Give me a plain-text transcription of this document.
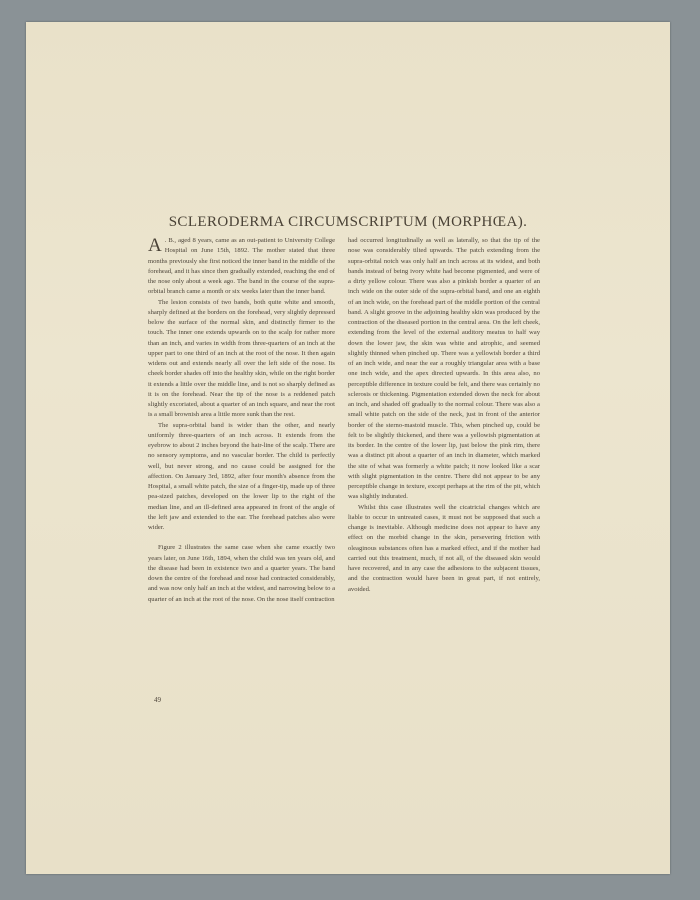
SCLERODERMA CIRCUMSCRIPTUM (MORPHŒA).

A . B., aged 8 years, came as an out-patient to University College Hospital on June 15th, 1892. The mother stated that three months previously she first noticed the inner band in the middle of the forehead, and it has since then gradually extended, reaching the end of the nose only about a week ago. The band in the course of the supra-orbital branch came a month or six weeks later than the inner band.

The lesion consists of two bands, both quite white and smooth, sharply defined at the borders on the forehead, very slightly depressed below the surface of the normal skin, and distinctly firmer to the touch. The inner one extends upwards on to the scalp for rather more than an inch, and varies in width from three-quarters of an inch at the upper part to one third of an inch at the root of the nose. It then again widens out and extends nearly all over the left side of the nose. Its cheek border shades off into the healthy skin, while on the right border it extends a little over the middle line, and is not so sharply defined as it is on the forehead. Near the tip of the nose is a reddened patch slightly excoriated, about a quarter of an inch square, and near the root is a small brownish area a little more sunk than the rest.

The supra-orbital band is wider than the other, and nearly uniformly three-quarters of an inch across. It extends from the eyebrow to about 2 inches beyond the hair-line of the scalp. There are no sensory symptoms, and no vascular border. The child is perfectly well, but never strong, and no cause could be assigned for the affection. On January 3rd, 1892, after four month's absence from the Hospital, a small white patch, the size of a finger-tip, made up of three pea-sized patches, developed on the lower lip to the right of the median line, and an ill-defined area appeared in front of the angle of the left jaw and extended to the ear. The forehead patches also were wider.

Figure 2 illustrates the same case when she came exactly two years later, on June 16th, 1894, when the child was ten years old, and the disease had been in existence two and a quarter years. The band down the centre of the forehead and nose had contracted considerably, and was now only half an inch at the widest, and narrowing below to a quarter of an inch at the root of the nose. On the nose itself contraction

49

had occurred longitudinally as well as laterally, so that the tip of the nose was considerably tilted upwards. The patch extending from the supra-orbital notch was only half an inch across at its widest, and both bands instead of being ivory white had become pigmented, and were of a dirty yellow colour. There was also a pinkish border a quarter of an inch wide on the outer side of the supra-orbital band, and one an eighth of an inch wide, on the forehead part of the middle portion of the central band. A slight groove in the adjoining healthy skin was produced by the contraction of the diseased portion in the central area. On the left cheek, extending from the level of the external auditory meatus to half way down the lower jaw, the skin was white and atrophic, and seemed slightly thinned when pinched up. There was a yellowish border a third of an inch wide, and near the ear a roughly triangular area with a base one inch wide, and the apex directed upwards. In this area also, no perceptible difference in texture could be felt, and there was certainly no sclerosis or thickening. Pigmentation extended down the neck for about an inch, and shaded off gradually to the normal colour. There was also a small white patch on the side of the neck, just in front of the anterior border of the sterno-mastoid muscle. This, when pinched up, could be felt to be slightly thickened, and there was a yellowish pigmentation at its border. In the centre of the lower lip, just below the pink rim, there was a distinct pit about a quarter of an inch in diameter, which marked the site of what was formerly a white patch; it now looked like a scar with slight pigmentation in the centre. There did not appear to be any perceptible change in texture, except perhaps at the rim of the pit, which was slightly indurated.

Whilst this case illustrates well the cicatricial changes which are liable to occur in untreated cases, it must not be supposed that such a change is inevitable. Although medicine does not appear to have any effect on the morbid change in the skin, persevering friction with oleaginous substances often has a marked effect, and if the mother had carried out this treatment, much, if not all, of the diseased skin would have recovered, and in any case the adhesions to the subjacent tissues, and the contraction would have been in great part, if not entirely, avoided.
